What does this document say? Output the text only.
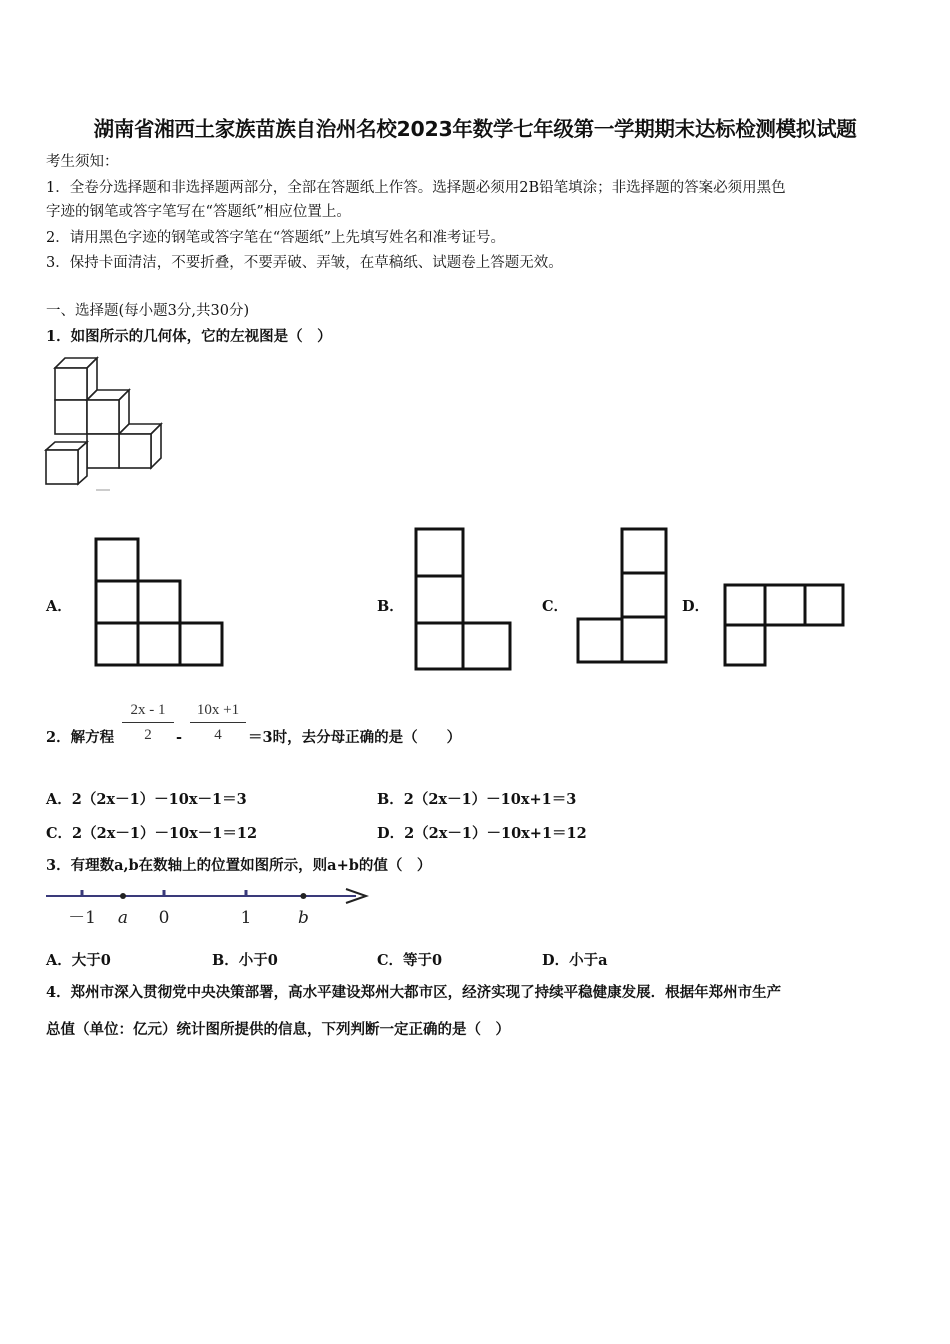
湖南省湘西土家族苗族自治州名校2023年数学七年级第一学期期末达标检测模拟试题
考生须知：
1．全卷分选择题和非选择题两部分，全部在答题纸上作答。选择题必须用2B铅笔填涂；非选择题的答案必须用黑色
字迹的钢笔或答字笔写在“答题纸”相应位置上。
2．请用黑色字迹的钢笔或答字笔在“答题纸”上先填写姓名和准考证号。
3．保持卡面清洁，不要折叠，不要弄破、弄皱，在草稿纸、试题卷上答题无效。
一、选择题(每小题3分,共30分)
1．如图所示的几何体，它的左视图是（　）
A．	B．	C．	D．
2．解方程
2x - 1
2	-
10x +1
4	＝3时，去分母正确的是（　　）
A．2（2x－1）－10x－1＝3	B．2（2x－1）－10x+1＝3
C．2（2x－1）－10x－1＝12	D．2（2x－1）－10x+1＝12
3．有理数a,b在数轴上的位置如图所示，则a+b的值（　）
－1 a 0	1	b
A．大于0	B．小于0	C．等于0	D．小于a
4．郑州市深入贯彻党中央决策部署，高水平建设郑州大都市区，经济实现了持续平稳健康发展．根据年郑州市生产
总值（单位：亿元）统计图所提供的信息，下列判断一定正确的是（　）
